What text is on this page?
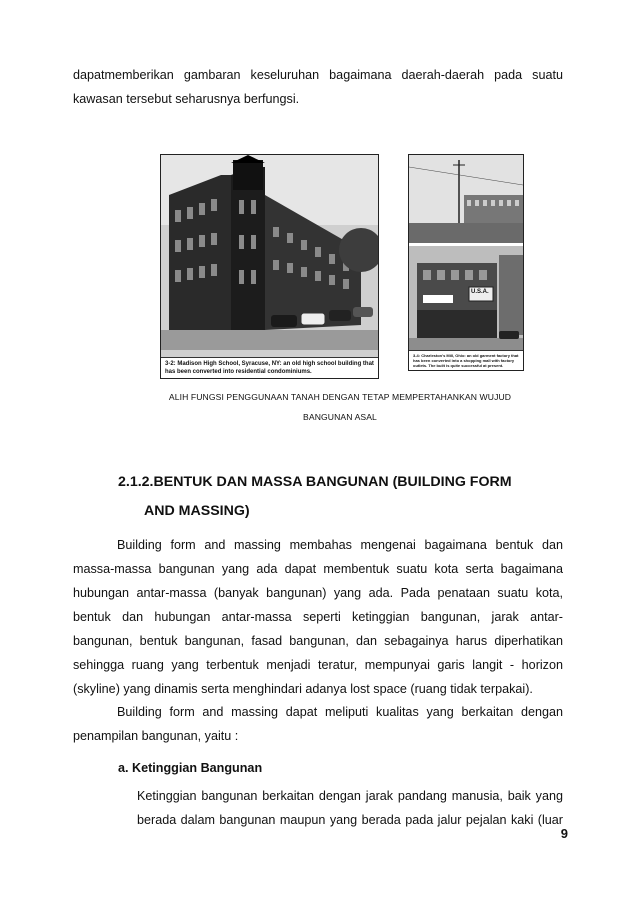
dapatmemberikan gambaran keseluruhan bagaimana daerah-daerah pada suatu
kawasan tersebut seharusnya berfungsi.
3-2: Madison High School, Syracuse, NY: an old high school building that has been converted into residential condominiums.
U.S.A.
3-4: Charleston's Mill, Ohio: an old garment factory that has been converted into a shopping mall with factory outlets. The built is quite successful at present.
ALIH FUNGSI PENGGUNAAN TANAH DENGAN TETAP MEMPERTAHANKAN WUJUD
BANGUNAN ASAL
2.1.2.BENTUK DAN MASSA BANGUNAN (BUILDING FORM
AND MASSING)
Building form and massing membahas mengenai bagaimana bentuk dan
massa-massa bangunan yang ada dapat membentuk suatu kota serta bagaimana
hubungan antar-massa (banyak bangunan) yang ada. Pada penataan suatu kota,
bentuk dan hubungan antar-massa seperti ketinggian bangunan, jarak antar-
bangunan, bentuk bangunan, fasad bangunan, dan sebagainya harus diperhatikan
sehingga ruang yang terbentuk menjadi teratur, mempunyai garis langit - horizon
(skyline) yang dinamis serta menghindari adanya lost space (ruang tidak terpakai).
Building form and massing dapat meliputi kualitas yang berkaitan dengan
penampilan bangunan, yaitu :
a. Ketinggian Bangunan
Ketinggian bangunan berkaitan dengan jarak pandang manusia, baik yang
berada dalam bangunan maupun yang berada pada jalur pejalan kaki (luar
9
